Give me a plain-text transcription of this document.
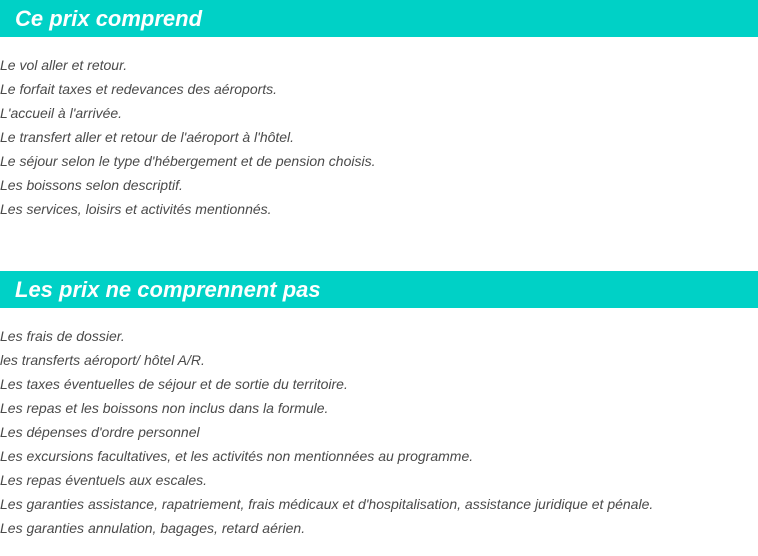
Ce prix comprend
Le vol aller et retour.
Le forfait taxes et redevances des aéroports.
L'accueil à l'arrivée.
Le transfert aller et retour de l'aéroport à l'hôtel.
Le séjour selon le type d'hébergement et de pension choisis.
Les boissons selon descriptif.
Les services, loisirs et activités mentionnés.
Les prix ne comprennent pas
Les frais de dossier.
les transferts aéroport/ hôtel A/R.
Les taxes éventuelles de séjour et de sortie du territoire.
Les repas et les boissons non inclus dans la formule.
Les dépenses d'ordre personnel
Les excursions facultatives, et les activités non mentionnées au programme.
Les repas éventuels aux escales.
Les garanties assistance, rapatriement, frais médicaux et d'hospitalisation, assistance juridique et pénale.
Les garanties annulation, bagages, retard aérien.
